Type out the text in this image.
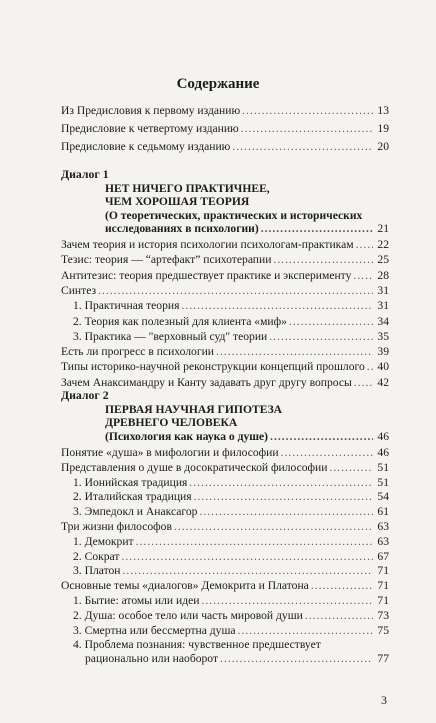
Содержание
Из Предисловия к первому изданию .....	13
Предисловие к четвертому изданию .....	19
Предисловие к седьмому изданию .....	20
Диалог 1
НЕТ НИЧЕГО ПРАКТИЧНЕЕ,
ЧЕМ ХОРОШАЯ ТЕОРИЯ
(О теоретических, практических и исторических
исследованиях в психологии) .....	21
Зачем теория и история психологии психологам-практикам ..... 22
Тезис: теория — “артефакт” психотерапии .....	25
Антитезис: теория предшествует практике и эксперименту ..... 28
Синтез .....	31
1. Практичная теория .....	31
2. Теория как полезный для клиента «миф» .....	34
3. Практика — "верховный суд" теории .....	35
Есть ли прогресс в психологии .....	39
Типы историко-научной реконструкции концепций прошлого ..... 40
Зачем Анаксимандру и Канту задавать друг другу вопросы ..... 42
Диалог 2
ПЕРВАЯ НАУЧНАЯ ГИПОТЕЗА
ДРЕВНЕГО ЧЕЛОВЕКА
(Психология как наука о душе) .....	46
Понятие «душа» в мифологии и философии .....	46
Представления о душе в досократической философии .....	51
1. Ионийская традиция .....	51
2. Италийская традиция .....	54
3. Эмпедокл и Анаксагор .....	61
Три жизни философов .....	63
1. Демокрит .....	63
2. Сократ .....	67
3. Платон .....	71
Основные темы «диалогов» Демокрита и Платона .....	71
1. Бытие: атомы или идеи .....	71
2. Душа: особое тело или часть мировой души .....	73
3. Смертна или бессмертна душа .....	75
4. Проблема познания: чувственное предшествует
рационально или наоборот .....	77
3
